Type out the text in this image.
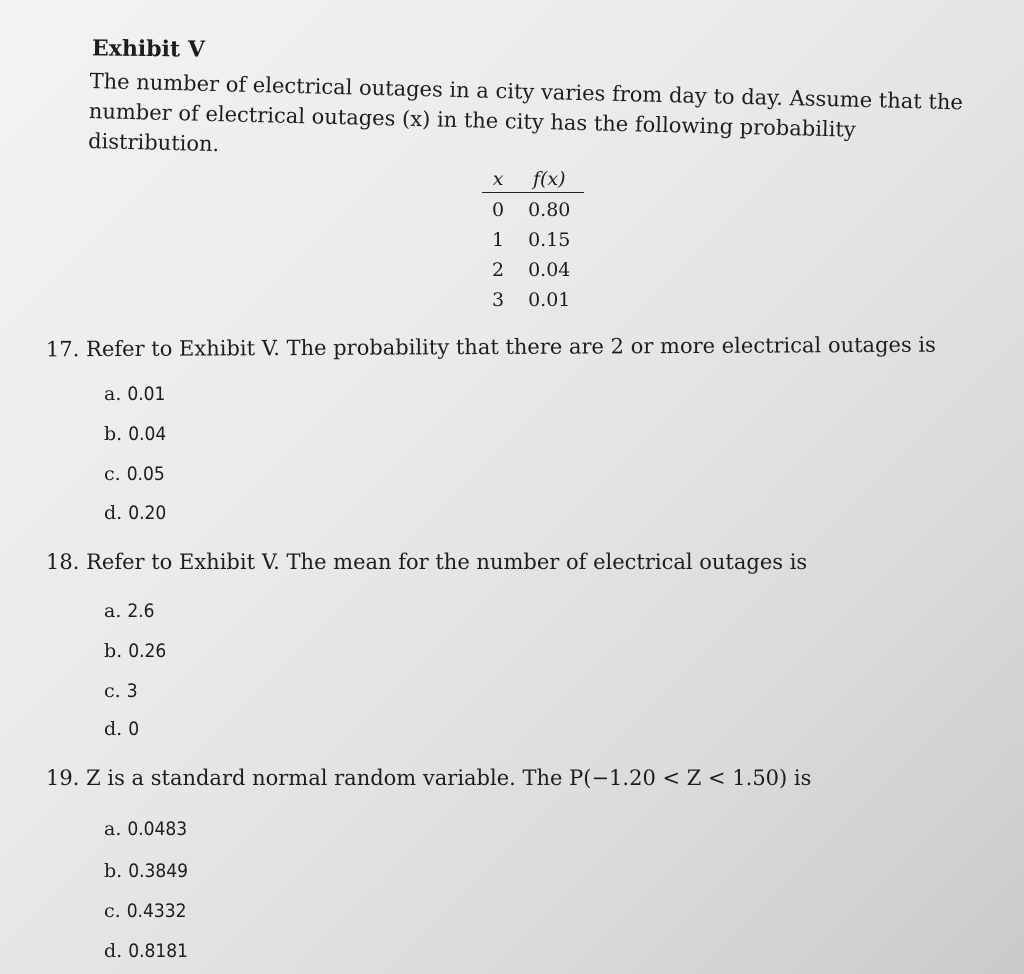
Exhibit V
The number of electrical outages in a city varies from day to day. Assume that the number of electrical outages (x) in the city has the following probability distribution.
x	f(x)
0	0.80
1	0.15
2	0.04
3	0.01
17. Refer to Exhibit V. The probability that there are 2 or more electrical outages is
a. 0.01
b. 0.04
c. 0.05
d. 0.20
18. Refer to Exhibit V. The mean for the number of electrical outages is
a. 2.6
b. 0.26
c. 3
d. 0
19. Z is a standard normal random variable. The P(−1.20 < Z < 1.50) is
a. 0.0483
b. 0.3849
c. 0.4332
d. 0.8181
